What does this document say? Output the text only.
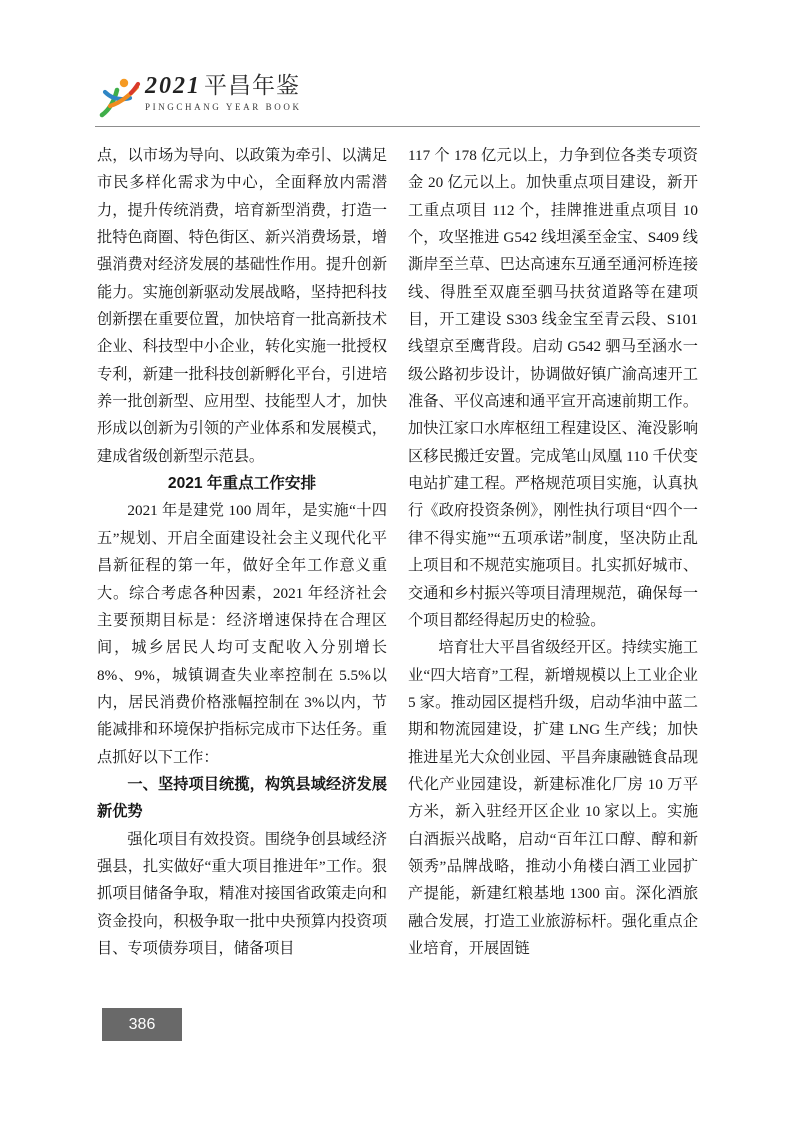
2021 平昌年鉴
PINGCHANG YEAR BOOK

点，以市场为导向、以政策为牵引、以满足市民多样化需求为中心，全面释放内需潜力，提升传统消费，培育新型消费，打造一批特色商圈、特色街区、新兴消费场景，增强消费对经济发展的基础性作用。提升创新能力。实施创新驱动发展战略，坚持把科技创新摆在重要位置，加快培育一批高新技术企业、科技型中小企业，转化实施一批授权专利，新建一批科技创新孵化平台，引进培养一批创新型、应用型、技能型人才，加快形成以创新为引领的产业体系和发展模式，建成省级创新型示范县。

2021 年重点工作安排

2021 年是建党 100 周年，是实施“十四五”规划、开启全面建设社会主义现代化平昌新征程的第一年，做好全年工作意义重大。综合考虑各种因素，2021 年经济社会主要预期目标是：经济增速保持在合理区间，城乡居民人均可支配收入分别增长 8%、9%，城镇调查失业率控制在 5.5%以内，居民消费价格涨幅控制在 3%以内，节能减排和环境保护指标完成市下达任务。重点抓好以下工作：

一、坚持项目统揽，构筑县域经济发展新优势

强化项目有效投资。围绕争创县域经济强县，扎实做好“重大项目推进年”工作。狠抓项目储备争取，精准对接国省政策走向和资金投向，积极争取一批中央预算内投资项目、专项债券项目，储备项目

117 个 178 亿元以上，力争到位各类专项资金 20 亿元以上。加快重点项目建设，新开工重点项目 112 个，挂牌推进重点项目 10 个，攻坚推进 G542 线坦溪至金宝、S409 线澌岸至兰草、巴达高速东互通至通河桥连接线、得胜至双鹿至驷马扶贫道路等在建项目，开工建设 S303 线金宝至青云段、S101 线望京至鹰背段。启动 G542 驷马至涵水一级公路初步设计，协调做好镇广渝高速开工准备、平仪高速和通平宣开高速前期工作。加快江家口水库枢纽工程建设区、淹没影响区移民搬迁安置。完成笔山凤凰 110 千伏变电站扩建工程。严格规范项目实施，认真执行《政府投资条例》，刚性执行项目“四个一律不得实施”“五项承诺”制度，坚决防止乱上项目和不规范实施项目。扎实抓好城市、交通和乡村振兴等项目清理规范，确保每一个项目都经得起历史的检验。

培育壮大平昌省级经开区。持续实施工业“四大培育”工程，新增规模以上工业企业 5 家。推动园区提档升级，启动华油中蓝二期和物流园建设，扩建 LNG 生产线；加快推进星光大众创业园、平昌奔康融链食品现代化产业园建设，新建标准化厂房 10 万平方米，新入驻经开区企业 10 家以上。实施白酒振兴战略，启动“百年江口醇、醇和新领秀”品牌战略，推动小角楼白酒工业园扩产提能，新建红粮基地 1300 亩。深化酒旅融合发展，打造工业旅游标杆。强化重点企业培育，开展固链

386
